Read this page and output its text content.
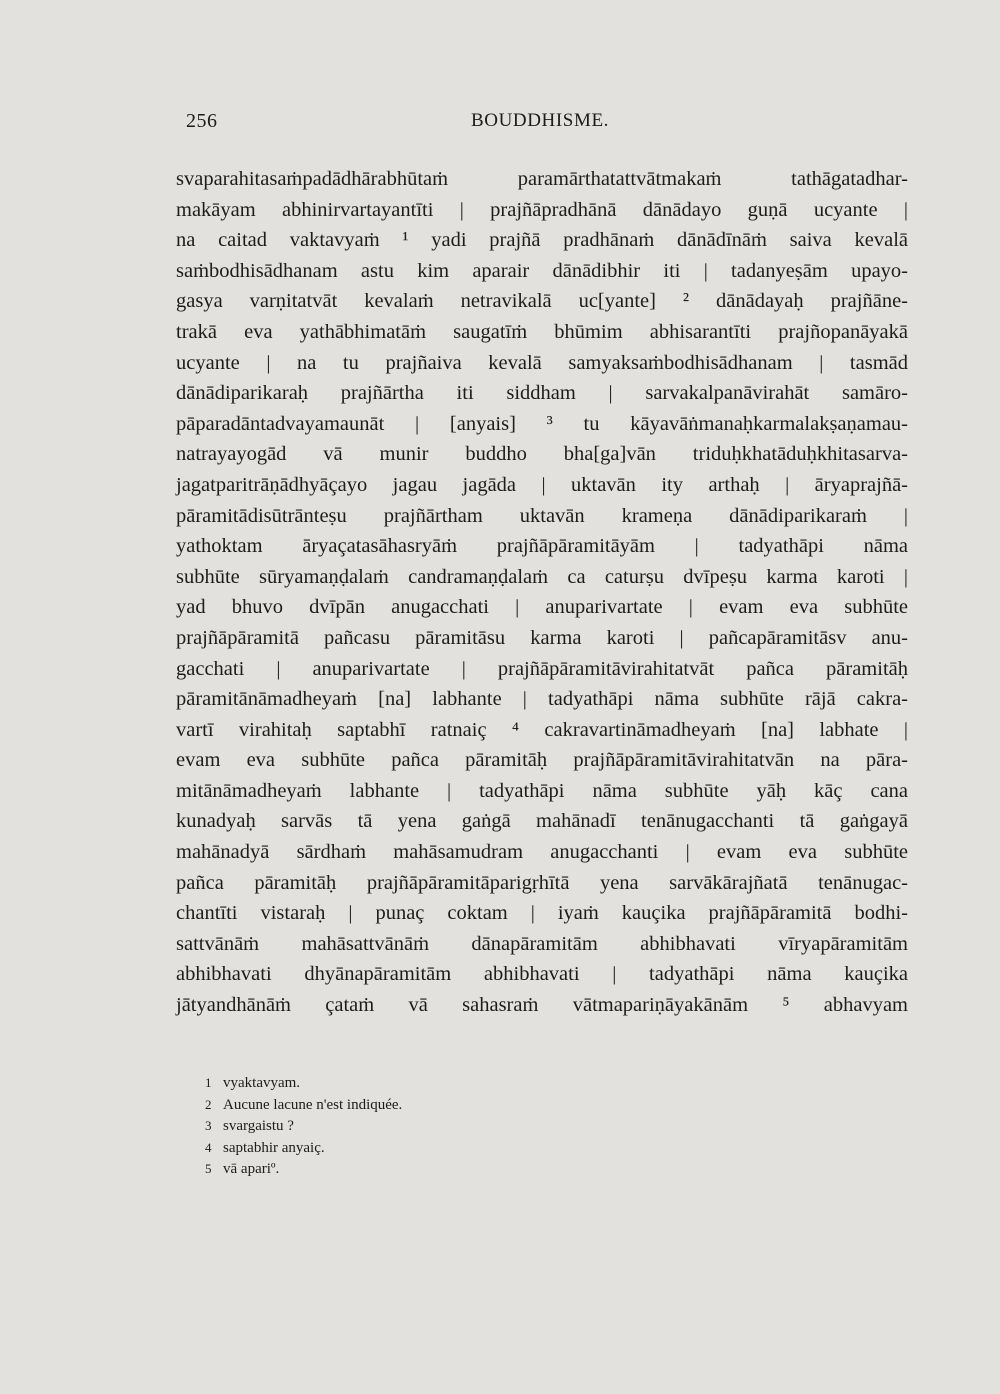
256	BOUDDHISME.
svaparahitasaṁpadādhārabhūtaṁ paramārthatattvātmakaṁ tathāgatadhar-
makāyam abhinirvartayantīti | prajñāpradhānā dānādayo guṇā ucyante |
na caitad vaktavyaṁ ¹ yadi prajñā pradhānaṁ dānādīnāṁ saiva kevalā
saṁbodhisādhanam astu kim aparair dānādibhir iti | tadanyeṣām upayo-
gasya varṇitatvāt kevalaṁ netravikalā uc[yante] ² dānādayaḥ prajñāne-
trakā eva yathābhimatāṁ saugatīṁ bhūmim abhisarantīti prajñopanāyakā
ucyante | na tu prajñaiva kevalā samyaksaṁbodhisādhanam | tasmād
dānādiparikaraḥ prajñārtha iti siddham | sarvakalpanāvirahāt samāro-
pāparadāntadvayamaunāt | [anyais] ³ tu kāyavāṅmanaḥkarmalakṣaṇamau-
natrayayogād vā munir buddho bha[ga]vān triduḥkhatāduḥkhitasarva-
jagatparitrāṇādhyāçayo jagau jagāda | uktavān ity arthaḥ | āryaprajñā-
pāramitādisūtrānteṣu prajñārtham uktavān krameṇa dānādiparikaraṁ |
yathoktam āryaçatasāhasryāṁ prajñāpāramitāyām | tadyathāpi nāma
subhūte sūryamaṇḍalaṁ candramaṇḍalaṁ ca caturṣu dvīpeṣu karma karoti |
yad bhuvo dvīpān anugacchati | anuparivartate | evam eva subhūte
prajñāpāramitā pañcasu pāramitāsu karma karoti | pañcapāramitāsv anu-
gacchati | anuparivartate | prajñāpāramitāvirahitatvāt pañca pāramitāḥ
pāramitānāmadheyaṁ [na] labhante | tadyathāpi nāma subhūte rājā cakra-
vartī virahitaḥ saptabhī ratnaiç ⁴ cakravartināmadheyaṁ [na] labhate |
evam eva subhūte pañca pāramitāḥ prajñāpāramitāvirahitatvān na pāra-
mitānāmadheyaṁ labhante | tadyathāpi nāma subhūte yāḥ kāç cana
kunadyaḥ sarvās tā yena gaṅgā mahānadī tenānugacchanti tā gaṅgayā
mahānadyā sārdhaṁ mahāsamudram anugacchanti | evam eva subhūte
pañca pāramitāḥ prajñāpāramitāparigṛhītā yena sarvākārajñatā tenānugac-
chantīti vistaraḥ | punaç coktam | iyaṁ kauçika prajñāpāramitā bodhi-
sattvānāṁ mahāsattvānāṁ dānapāramitām abhibhavati vīryapāramitām
abhibhavati dhyānapāramitām abhibhavati | tadyathāpi nāma kauçika
jātyandhānāṁ çataṁ vā sahasraṁ vātmapariṇāyakānām ⁵ abhavyam
1 vyaktavyam.
2 Aucune lacune n'est indiquée.
3 svargaistu ?
4 saptabhir anyaiç.
5 vā apariº.
